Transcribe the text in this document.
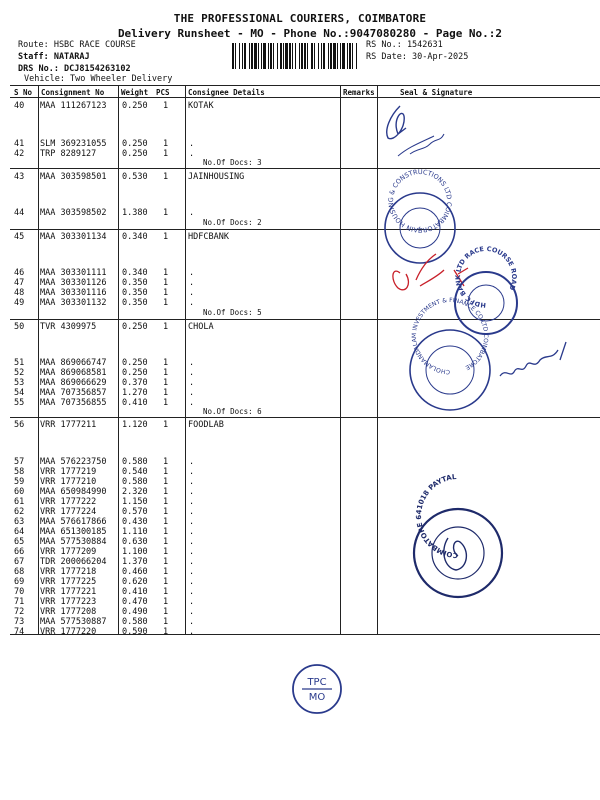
THE PROFESSIONAL COURIERS, COIMBATORE
Delivery Runsheet - MO - Phone No.:9047080280 - Page No.:2
Route: HSBC RACE COURSE
Staff: NATARAJ
DRS No.: DCJ8154263102
Vehicle: Two Wheeler Delivery
RS No.: 1542631
RS Date: 30-Apr-2025
S No Consignment No Weight PCS Consignee Details	Remarks	Seal & Signature
40 MAA 111267123 0.250 1 KOTAK
41 SLM 369231055 0.250 1 .
42 TRP 8289127	0.250 1 .
No.Of Docs: 3
43 MAA 303598501 0.530 1 JAINHOUSING
44 MAA 303598502 1.380 1 .
No.Of Docs: 2
45 MAA 303301134 0.340 1 HDFCBANK
46 MAA 303301111 0.340 1 .
47 MAA 303301126 0.350 1 .
48 MAA 303301116 0.350 1 .
49 MAA 303301132 0.350 1 .
No.Of Docs: 5
50 TVR 4309975	0.250 1 CHOLA
51 MAA 869066747 0.250 1 .
52 MAA 869068581 0.250 1 .
53 MAA 869066629 0.370 1 .
54 MAA 707356857 1.270 1 .
55 MAA 707356855 0.410 1 .
No.Of Docs: 6
56 VRR 1777211	1.120 1 FOODLAB
57 MAA 576223750 0.580 1 .
58 VRR 1777219	0.540 1 .
59 VRR 1777210	0.580 1 .
60 MAA 650984990 2.320 1 .
61 VRR 1777222	1.150 1 .
62 VRR 1777224	0.570 1 .
63 MAA 576617866 0.430 1 .
64 MAA 651300185 1.110 1 .
65 MAA 577530884 0.630 1 .
66 VRR 1777209	1.100 1 .
67 TDR 200066204 1.370 1 .
68 VRR 1777218	0.460 1 .
69 VRR 1777225	0.620 1 .
70 VRR 1777221	0.410 1 .
71 VRR 1777223	0.470 1 .
72 VRR 1777208	0.490 1 .
73 MAA 577530887 0.580 1 .
74 VRR 1777220	0.590 1 .
JAIN HOUSING & CONSTRUCTIONS LTD COIMBATORE
HDFC BANK LTD RACE COURSE ROAD
CHOLAMANDALAM INVESTMENT & FINANCE CO LTD COIMBATORE
COIMBATORE 641018 PAYTAL
TPC
MO
